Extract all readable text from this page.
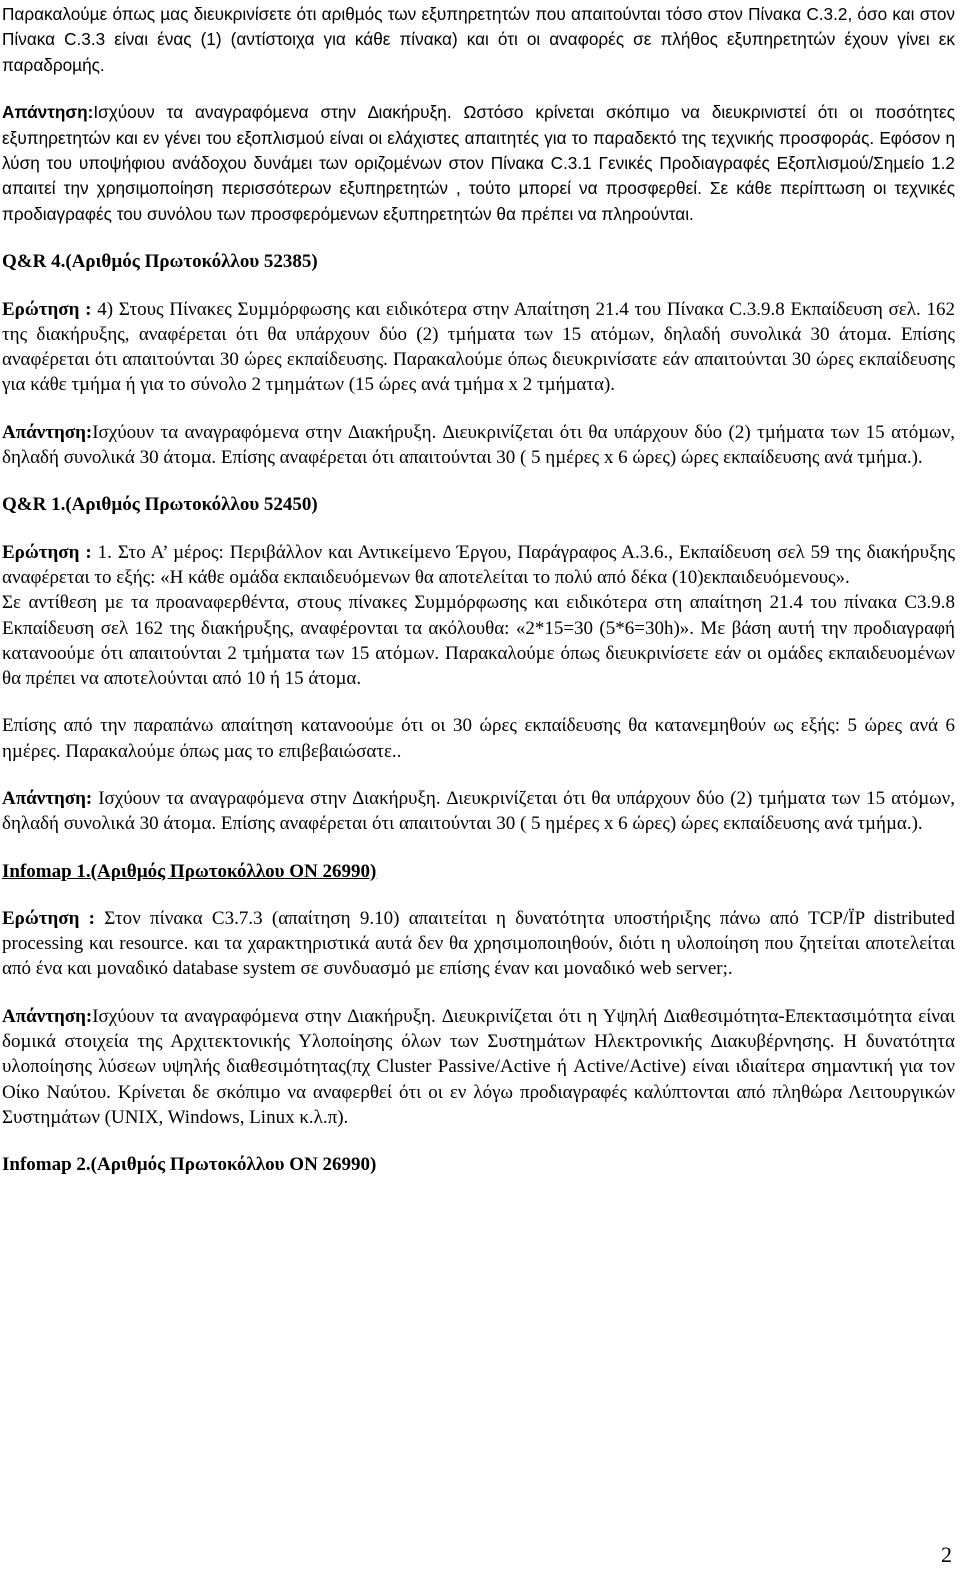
Παρακαλούµε όπως µας διευκρινίσετε ότι αριθµός των εξυπηρετητών που απαιτούνται τόσο στον Πίνακα C.3.2, όσο και στον Πίνακα C.3.3 είναι ένας (1) (αντίστοιχα για κάθε πίνακα) και ότι οι αναφορές σε πλήθος εξυπηρετητών έχουν γίνει εκ παραδροµής.

Απάντηση:Ισχύουν τα αναγραφόµενα στην ∆ιακήρυξη. Ωστόσο κρίνεται σκόπιµο να διευκρινιστεί ότι οι ποσότητες εξυπηρετητών και εν γένει του εξοπλισµού είναι οι ελάχιστες απαιτητές για το παραδεκτό της τεχνικής προσφοράς. Εφόσον η λύση του υποψήφιου ανάδοχου δυνάµει των οριζοµένων στον Πίνακα C.3.1 Γενικές Προδιαγραφές Εξοπλισµού/Σηµείο 1.2 απαιτεί την χρησιµοποίηση περισσότερων εξυπηρετητών , τούτο µπορεί να προσφερθεί. Σε κάθε περίπτωση οι τεχνικές προδιαγραφές του συνόλου των προσφερόµενων εξυπηρετητών θα πρέπει να πληρούνται.

Q&R 4.(Αριθµός Πρωτοκόλλου 52385)

Ερώτηση : 4) Στους Πίνακες Συµµόρφωσης και ειδικότερα στην Απαίτηση 21.4 του Πίνακα C.3.9.8 Εκπαίδευση σελ. 162 της διακήρυξης, αναφέρεται ότι θα υπάρχουν δύο (2) τµήµατα των 15 ατόµων, δηλαδή συνολικά 30 άτοµα. Επίσης αναφέρεται ότι απαιτούνται 30 ώρες εκπαίδευσης. Παρακαλούµε όπως διευκρινίσατε εάν απαιτούνται 30 ώρες εκπαίδευσης για κάθε τµήµα ή για το σύνολο 2 τµηµάτων (15 ώρες ανά τµήµα x 2 τµήµατα).

Απάντηση:Ισχύουν τα αναγραφόµενα στην ∆ιακήρυξη. ∆ιευκρινίζεται ότι θα υπάρχουν δύο (2) τµήµατα των 15 ατόµων, δηλαδή συνολικά 30 άτοµα. Επίσης αναφέρεται ότι απαιτούνται 30 ( 5 ηµέρες x 6 ώρες) ώρες εκπαίδευσης ανά τµήµα.).

Q&R 1.(Αριθµός Πρωτοκόλλου 52450)

Ερώτηση : 1. Στο Α’ µέρος: Περιβάλλον και Αντικείµενο Έργου, Παράγραφος Α.3.6., Εκπαίδευση σελ 59 της διακήρυξης αναφέρεται το εξής: «Η κάθε οµάδα εκπαιδευόµενων θα αποτελείται το πολύ από δέκα (10)εκπαιδευόµενους».

Σε αντίθεση µε τα προαναφερθέντα, στους πίνακες Συµµόρφωσης και ειδικότερα στη απαίτηση 21.4 του πίνακα C3.9.8 Εκπαίδευση σελ 162 της διακήρυξης, αναφέρονται τα ακόλουθα: «2*15=30 (5*6=30h)». Με βάση αυτή την προδιαγραφή κατανοούµε ότι απαιτούνται 2 τµήµατα των 15 ατόµων. Παρακαλούµε όπως διευκρινίσετε εάν οι οµάδες εκπαιδευοµένων θα πρέπει να αποτελούνται από 10 ή 15 άτοµα.

Επίσης από την παραπάνω απαίτηση κατανοούµε ότι οι 30 ώρες εκπαίδευσης θα κατανεµηθούν ως εξής: 5 ώρες ανά 6 ηµέρες. Παρακαλούµε όπως µας το επιβεβαιώσατε..

Απάντηση: Ισχύουν τα αναγραφόµενα στην ∆ιακήρυξη. ∆ιευκρινίζεται ότι θα υπάρχουν δύο (2) τµήµατα των 15 ατόµων, δηλαδή συνολικά 30 άτοµα. Επίσης αναφέρεται ότι απαιτούνται 30 ( 5 ηµέρες x 6 ώρες) ώρες εκπαίδευσης ανά τµήµα.).

Infomap 1.(Αριθµός Πρωτοκόλλου ΟΝ 26990)

Ερώτηση : Στον πίνακα C3.7.3 (απαίτηση 9.10) απαιτείται η δυνατότητα υποστήριξης πάνω από TCP/ÏP distributed processing και resource. και τα χαρακτηριστικά αυτά δεν θα χρησιµοποιηθούν, διότι η υλοποίηση που ζητείται αποτελείται από ένα και µοναδικό database system σε συνδυασµό µε επίσης έναν και µοναδικό web server;.

Απάντηση:Ισχύουν τα αναγραφόµενα στην ∆ιακήρυξη. ∆ιευκρινίζεται ότι η Υψηλή ∆ιαθεσιµότητα-Επεκτασιµότητα είναι δοµικά στοιχεία της Αρχιτεκτονικής Υλοποίησης όλων των Συστηµάτων Ηλεκτρονικής ∆ιακυβέρνησης. Η δυνατότητα υλοποίησης λύσεων υψηλής διαθεσιµότητας(πχ Cluster Passive/Active ή Active/Active) είναι ιδιαίτερα σηµαντική για τον Οίκο Ναύτου. Κρίνεται δε σκόπιµο να αναφερθεί ότι οι εν λόγω προδιαγραφές καλύπτονται από πληθώρα Λειτουργικών Συστηµάτων (UNIX, Windows, Linux κ.λ.π).

Infomap 2.(Αριθµός Πρωτοκόλλου ΟΝ 26990)

2
